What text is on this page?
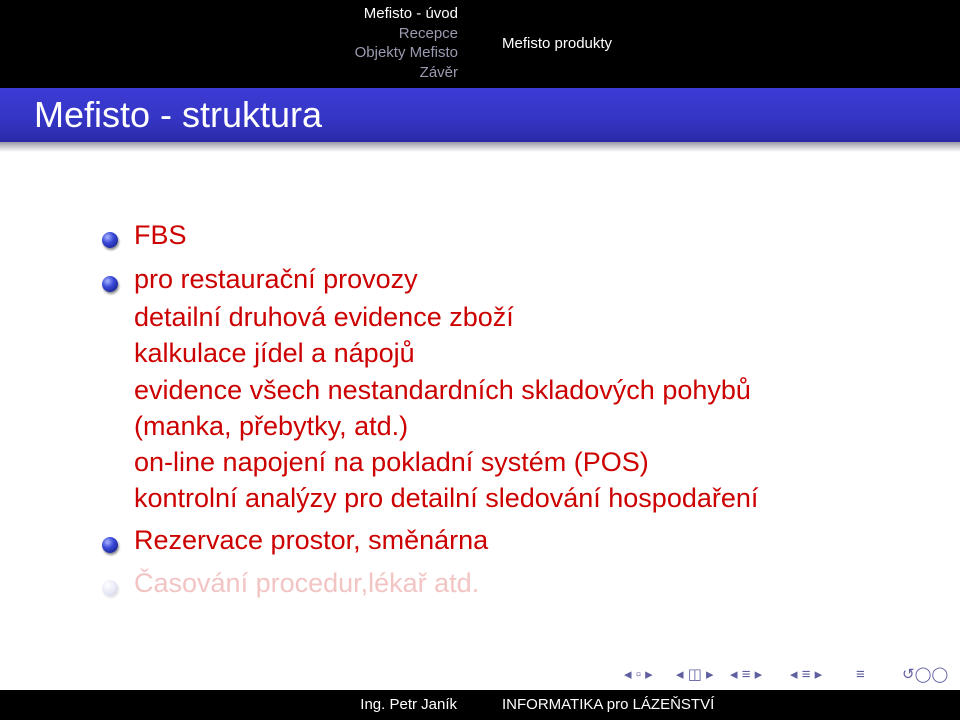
Mefisto - úvod
Recepce
Objekty Mefisto
Závěr
Mefisto produkty
Mefisto - struktura
FBS
pro restaurační provozy
detailní druhová evidence zboží
kalkulace jídel a nápojů
evidence všech nestandardních skladových pohybů
(manka, přebytky, atd.)
on-line napojení na pokladní systém (POS)
kontrolní analýzy pro detailní sledování hospodaření
Rezervace prostor, směnárna
Časování procedur,lékař atd.
◂ ▫ ▸ ◂ ◫ ▸ ◂ ≡ ▸ ◂ ≡ ▸ ≡ ↺◯◯
Ing. Petr Janík	INFORMATIKA pro LÁZEŇSTVÍ
